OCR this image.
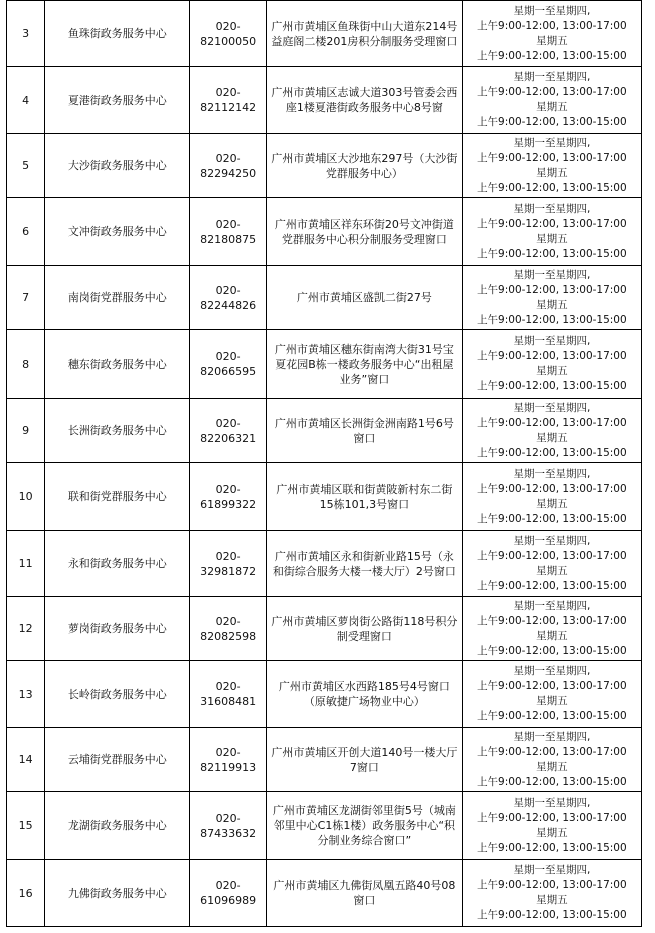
3	鱼珠街政务服务中心	020-82100050	广州市黄埔区鱼珠街中山大道东214号益庭阁二楼201房积分制服务受理窗口	星期一至星期四,
上午9:00-12:00, 13:00-17:00
星期五
上午9:00-12:00, 13:00-15:00

4	夏港街政务服务中心	020-82112142	广州市黄埔区志诚大道303号管委会西座1楼夏港街政务服务中心8号窗	星期一至星期四,
上午9:00-12:00, 13:00-17:00
星期五
上午9:00-12:00, 13:00-15:00

5	大沙街政务服务中心	020-82294250	广州市黄埔区大沙地东297号（大沙街党群服务中心）	星期一至星期四,
上午9:00-12:00, 13:00-17:00
星期五
上午9:00-12:00, 13:00-15:00

6	文冲街政务服务中心	020-82180875	广州市黄埔区祥东环街20号文冲街道党群服务中心积分制服务受理窗口	星期一至星期四,
上午9:00-12:00, 13:00-17:00
星期五
上午9:00-12:00, 13:00-15:00

7	南岗街党群服务中心	020-82244826	广州市黄埔区盛凯二街27号	星期一至星期四,
上午9:00-12:00, 13:00-17:00
星期五
上午9:00-12:00, 13:00-15:00

8	穗东街政务服务中心	020-82066595	广州市黄埔区穗东街南湾大街31号宝夏花园B栋一楼政务服务中心“出租屋业务”窗口	星期一至星期四,
上午9:00-12:00, 13:00-17:00
星期五
上午9:00-12:00, 13:00-15:00

9	长洲街政务服务中心	020-82206321	广州市黄埔区长洲街金洲南路1号6号窗口	星期一至星期四,
上午9:00-12:00, 13:00-17:00
星期五
上午9:00-12:00, 13:00-15:00

10	联和街党群服务中心	020-61899322	广州市黄埔区联和街黄陂新村东二街15栋101,3号窗口	星期一至星期四,
上午9:00-12:00, 13:00-17:00
星期五
上午9:00-12:00, 13:00-15:00

11	永和街政务服务中心	020-32981872	广州市黄埔区永和街新业路15号（永和街综合服务大楼一楼大厅）2号窗口	星期一至星期四,
上午9:00-12:00, 13:00-17:00
星期五
上午9:00-12:00, 13:00-15:00

12	萝岗街政务服务中心	020-82082598	广州市黄埔区萝岗街公路街118号积分制受理窗口	星期一至星期四,
上午9:00-12:00, 13:00-17:00
星期五
上午9:00-12:00, 13:00-15:00

13	长岭街政务服务中心	020-31608481	广州市黄埔区水西路185号4号窗口（原敏捷广场物业中心）	星期一至星期四,
上午9:00-12:00, 13:00-17:00
星期五
上午9:00-12:00, 13:00-15:00

14	云埔街党群服务中心	020-82119913	广州市黄埔区开创大道140号一楼大厅7窗口	星期一至星期四,
上午9:00-12:00, 13:00-17:00
星期五
上午9:00-12:00, 13:00-15:00

15	龙湖街政务服务中心	020-87433632	广州市黄埔区龙湖街邻里街5号（城南邻里中心C1栋1楼）政务服务中心“积分制业务综合窗口”	星期一至星期四,
上午9:00-12:00, 13:00-17:00
星期五
上午9:00-12:00, 13:00-15:00

16	九佛街政务服务中心	020-61096989	广州市黄埔区九佛街凤凰五路40号08窗口	星期一至星期四,
上午9:00-12:00, 13:00-17:00
星期五
上午9:00-12:00, 13:00-15:00
